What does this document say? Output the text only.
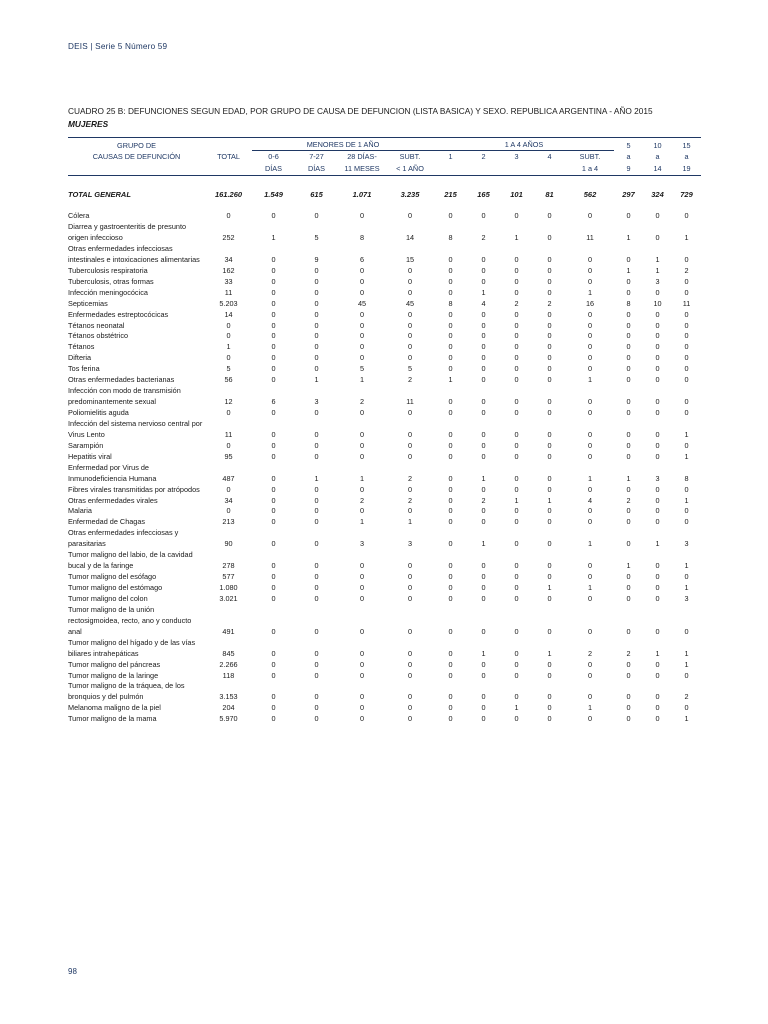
DEIS | Serie 5 Número 59
CUADRO 25 B: DEFUNCIONES SEGUN EDAD, POR GRUPO DE CAUSA DE DEFUNCION (LISTA BASICA) Y SEXO. REPUBLICA ARGENTINA - AÑO 2015
MUJERES

GRUPO DE		MENORES DE 1 AÑO				1 A 4 AÑOS					5	10	15
CAUSAS DE DEFUNCIÓN	TOTAL	0-6	7-27	28 DÍAS-	SUBT.	1	2	3	4	SUBT.	a	a	a
		DÍAS	DÍAS	11 MESES	< 1 AÑO					1 a 4	9	14	19

TOTAL GENERAL	161.260	1.549	615	1.071	3.235	215	165	101	81	562	297	324	729

Cólera	0	0	0	0	0	0	0	0	0	0	0	0	0
Diarrea y gastroenteritis de presunto origen infeccioso	252	1	5	8	14	8	2	1	0	11	1	0	1
Otras enfermedades infecciosas intestinales e intoxicaciones alimentarias	34	0	9	6	15	0	0	0	0	0	0	1	0
Tuberculosis respiratoria	162	0	0	0	0	0	0	0	0	0	1	1	2
Tuberculosis, otras formas	33	0	0	0	0	0	0	0	0	0	0	3	0
Infección meningocócica	11	0	0	0	0	0	1	0	0	1	0	0	0
Septicemias	5.203	0	0	45	45	8	4	2	2	16	8	10	11
Enfermedades estreptocócicas	14	0	0	0	0	0	0	0	0	0	0	0	0
Tétanos neonatal	0	0	0	0	0	0	0	0	0	0	0	0	0
Tétanos obstétrico	0	0	0	0	0	0	0	0	0	0	0	0	0
Tétanos	1	0	0	0	0	0	0	0	0	0	0	0	0
Difteria	0	0	0	0	0	0	0	0	0	0	0	0	0
Tos ferina	5	0	0	5	5	0	0	0	0	0	0	0	0
Otras enfermedades bacterianas	56	0	1	1	2	1	0	0	0	1	0	0	0
Infección con modo de transmisión predominantemente sexual	12	6	3	2	11	0	0	0	0	0	0	0	0
Poliomielitis aguda	0	0	0	0	0	0	0	0	0	0	0	0	0
Infección del sistema nervioso central por Virus Lento	11	0	0	0	0	0	0	0	0	0	0	0	1
Sarampión	0	0	0	0	0	0	0	0	0	0	0	0	0
Hepatitis viral	95	0	0	0	0	0	0	0	0	0	0	0	1
Enfermedad por Virus de Inmunodeficiencia Humana	487	0	1	1	2	0	1	0	0	1	1	3	8
Fibres virales transmitidas por atrópodos	0	0	0	0	0	0	0	0	0	0	0	0	0
Otras enfermedades virales	34	0	0	2	2	0	2	1	1	4	2	0	1
Malaria	0	0	0	0	0	0	0	0	0	0	0	0	0
Enfermedad de Chagas	213	0	0	1	1	0	0	0	0	0	0	0	0
Otras enfermedades infecciosas y parasitarias	90	0	0	3	3	0	1	0	0	1	0	1	3
Tumor maligno del labio, de la cavidad bucal y de la faringe	278	0	0	0	0	0	0	0	0	0	1	0	1
Tumor maligno del esófago	577	0	0	0	0	0	0	0	0	0	0	0	0
Tumor maligno del estómago	1.080	0	0	0	0	0	0	0	1	1	0	0	1
Tumor maligno del colon	3.021	0	0	0	0	0	0	0	0	0	0	0	3
Tumor maligno de la unión rectosigmoidea, recto, ano y conducto anal	491	0	0	0	0	0	0	0	0	0	0	0	0
Tumor maligno del hígado y de las vías biliares intrahepáticas	845	0	0	0	0	0	1	0	1	2	2	1	1
Tumor maligno del páncreas	2.266	0	0	0	0	0	0	0	0	0	0	0	1
Tumor maligno de la laringe	118	0	0	0	0	0	0	0	0	0	0	0	0
Tumor maligno de la tráquea, de los bronquios y del pulmón	3.153	0	0	0	0	0	0	0	0	0	0	0	2
Melanoma maligno de la piel	204	0	0	0	0	0	0	1	0	1	0	0	0
Tumor maligno de la mama	5.970	0	0	0	0	0	0	0	0	0	0	0	1
98
